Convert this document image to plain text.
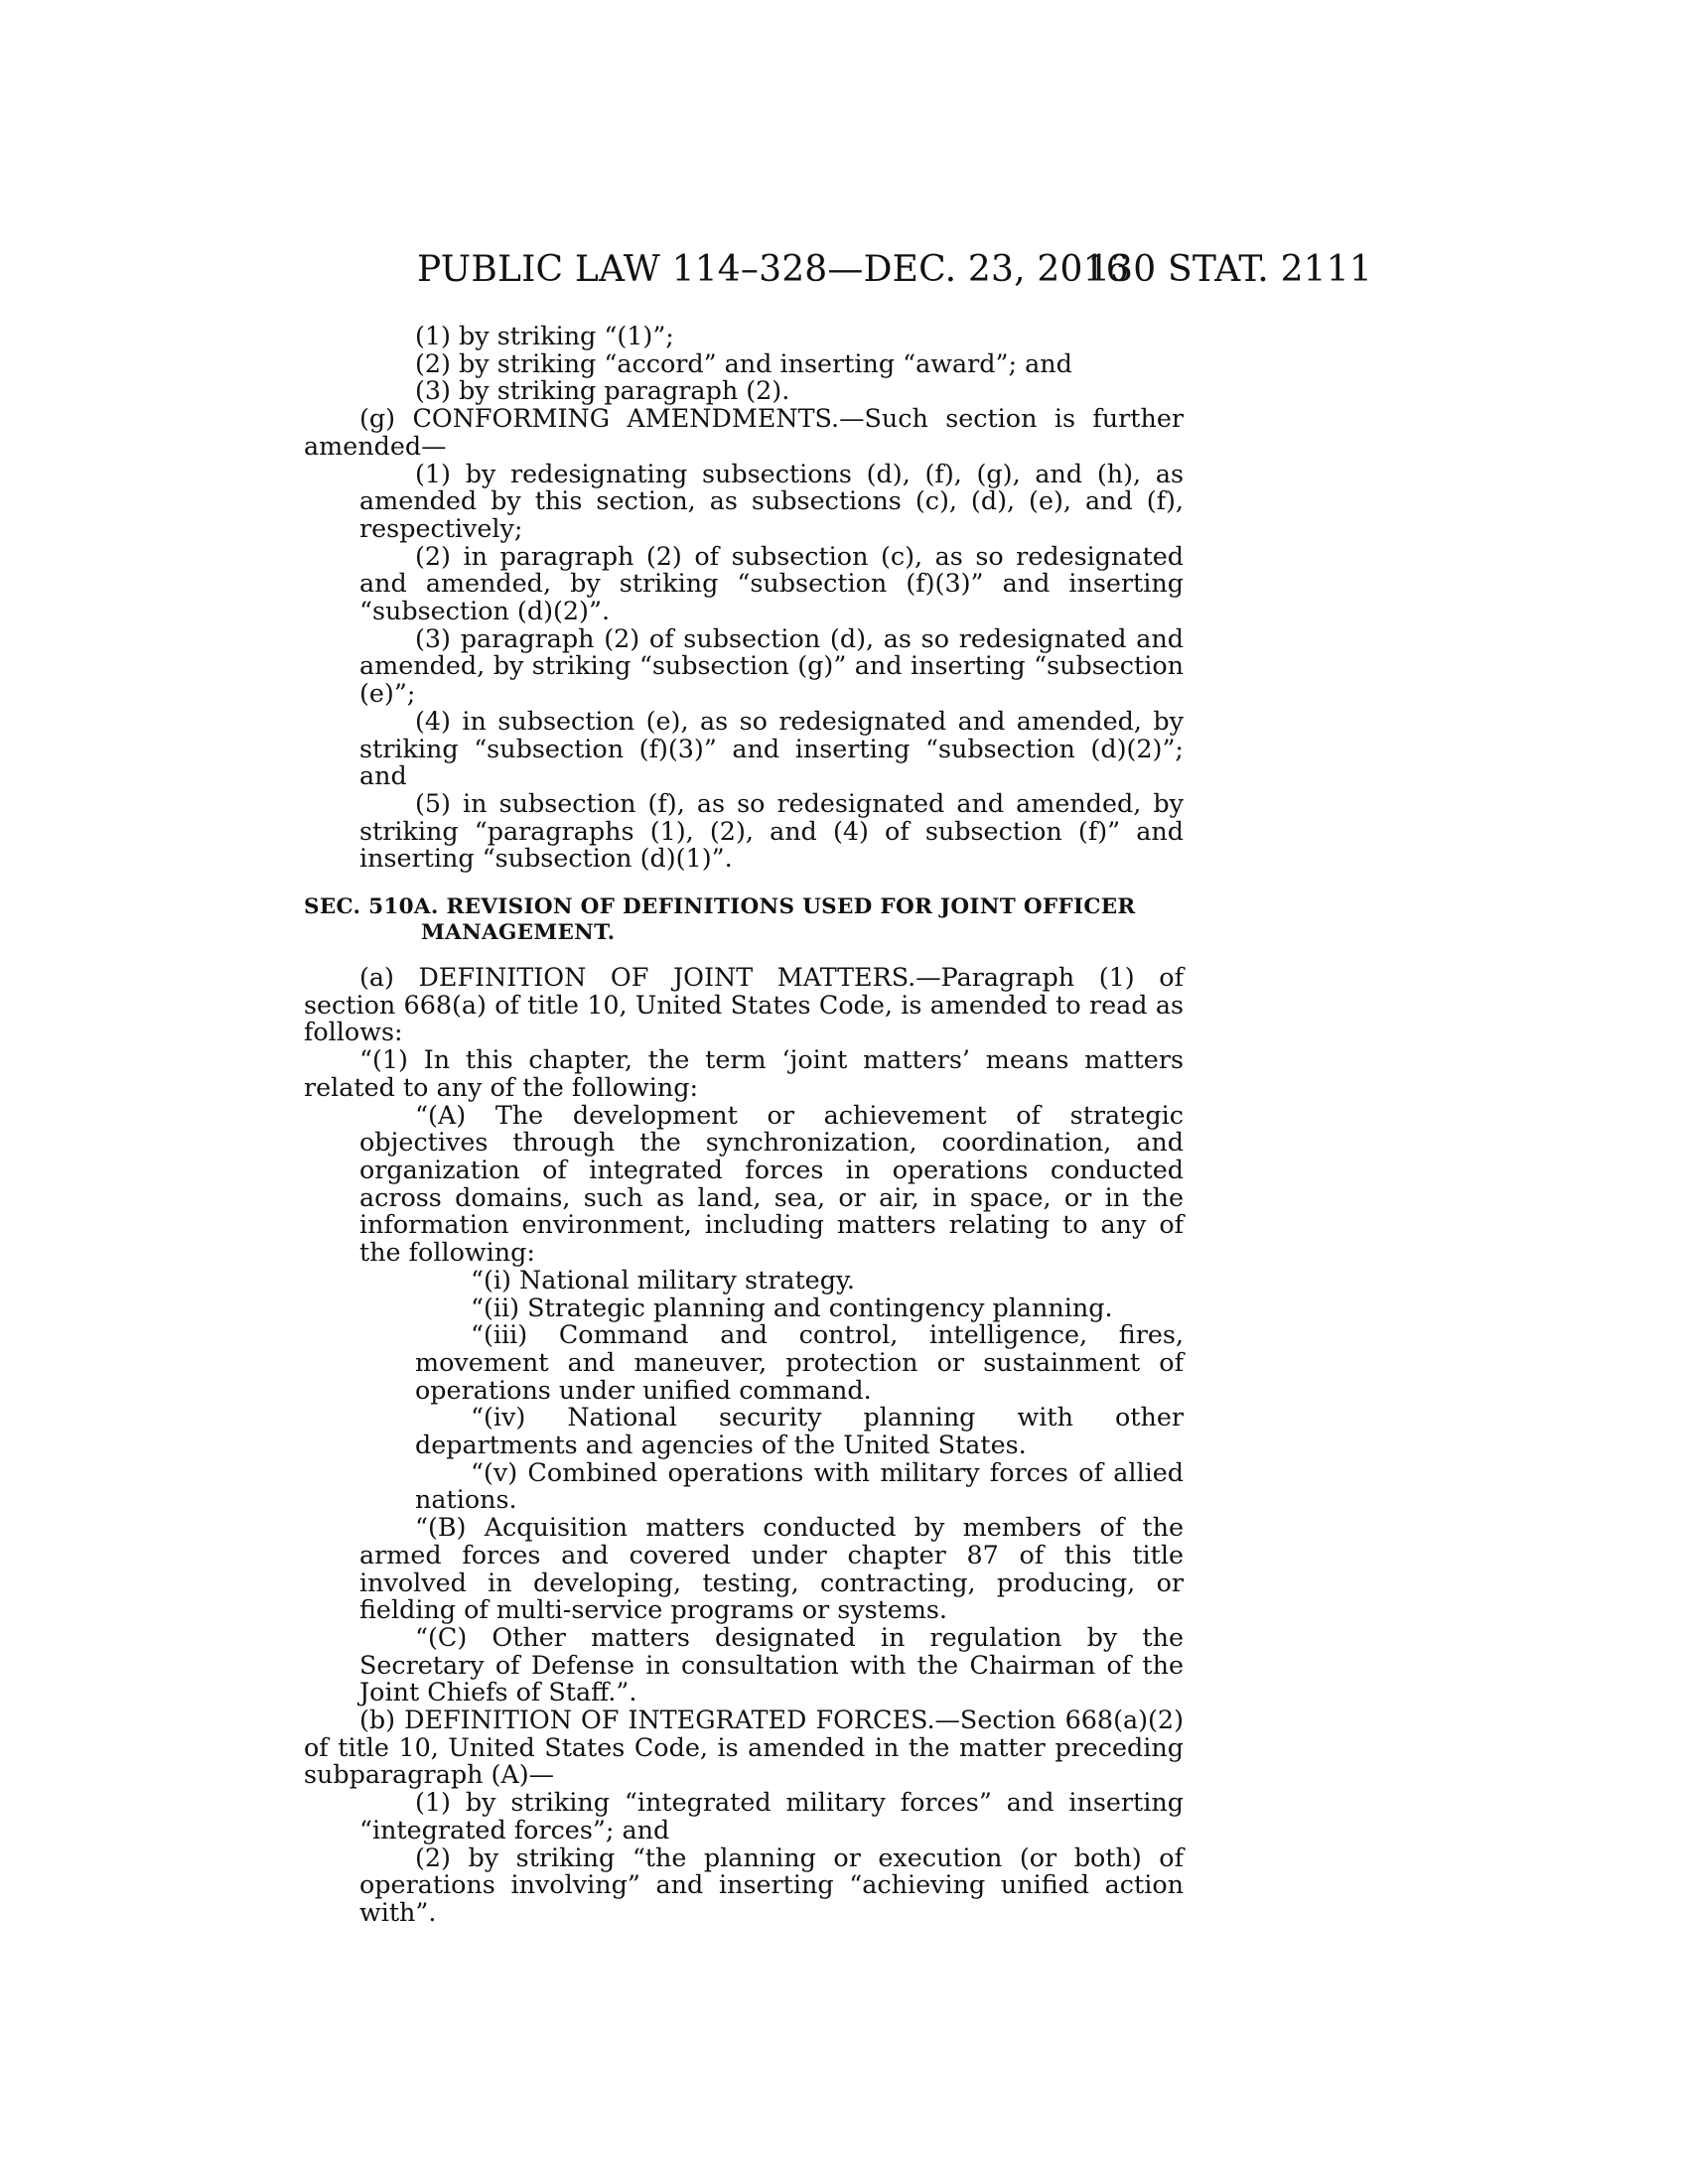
PUBLIC LAW 114–328—DEC. 23, 2016
130 STAT. 2111

(1) by striking “(1)”;

(2) by striking “accord” and inserting “award”; and

(3) by striking paragraph (2).

(g) CONFORMING AMENDMENTS.—Such section is further amended—

(1) by redesignating subsections (d), (f), (g), and (h), as amended by this section, as subsections (c), (d), (e), and (f), respectively;

(2) in paragraph (2) of subsection (c), as so redesignated and amended, by striking “subsection (f)(3)” and inserting “subsection (d)(2)”.

(3) paragraph (2) of subsection (d), as so redesignated and amended, by striking “subsection (g)” and inserting “subsection (e)”;

(4) in subsection (e), as so redesignated and amended, by striking “subsection (f)(3)” and inserting “subsection (d)(2)”; and

(5) in subsection (f), as so redesignated and amended, by striking “paragraphs (1), (2), and (4) of subsection (f)” and inserting “subsection (d)(1)”.

SEC. 510A. REVISION OF DEFINITIONS USED FOR JOINT OFFICER
MANAGEMENT.

(a) DEFINITION OF JOINT MATTERS.—Paragraph (1) of section 668(a) of title 10, United States Code, is amended to read as follows:

“(1) In this chapter, the term ‘joint matters’ means matters related to any of the following:

“(A) The development or achievement of strategic objectives through the synchronization, coordination, and organization of integrated forces in operations conducted across domains, such as land, sea, or air, in space, or in the information environment, including matters relating to any of the following:

“(i) National military strategy.

“(ii) Strategic planning and contingency planning.

“(iii) Command and control, intelligence, fires, movement and maneuver, protection or sustainment of operations under unified command.

“(iv) National security planning with other departments and agencies of the United States.

“(v) Combined operations with military forces of allied nations.

“(B) Acquisition matters conducted by members of the armed forces and covered under chapter 87 of this title involved in developing, testing, contracting, producing, or fielding of multi-service programs or systems.

“(C) Other matters designated in regulation by the Secretary of Defense in consultation with the Chairman of the Joint Chiefs of Staff.”.

(b) DEFINITION OF INTEGRATED FORCES.—Section 668(a)(2) of title 10, United States Code, is amended in the matter preceding subparagraph (A)—

(1) by striking “integrated military forces” and inserting “integrated forces”; and

(2) by striking “the planning or execution (or both) of operations involving” and inserting “achieving unified action with”.
